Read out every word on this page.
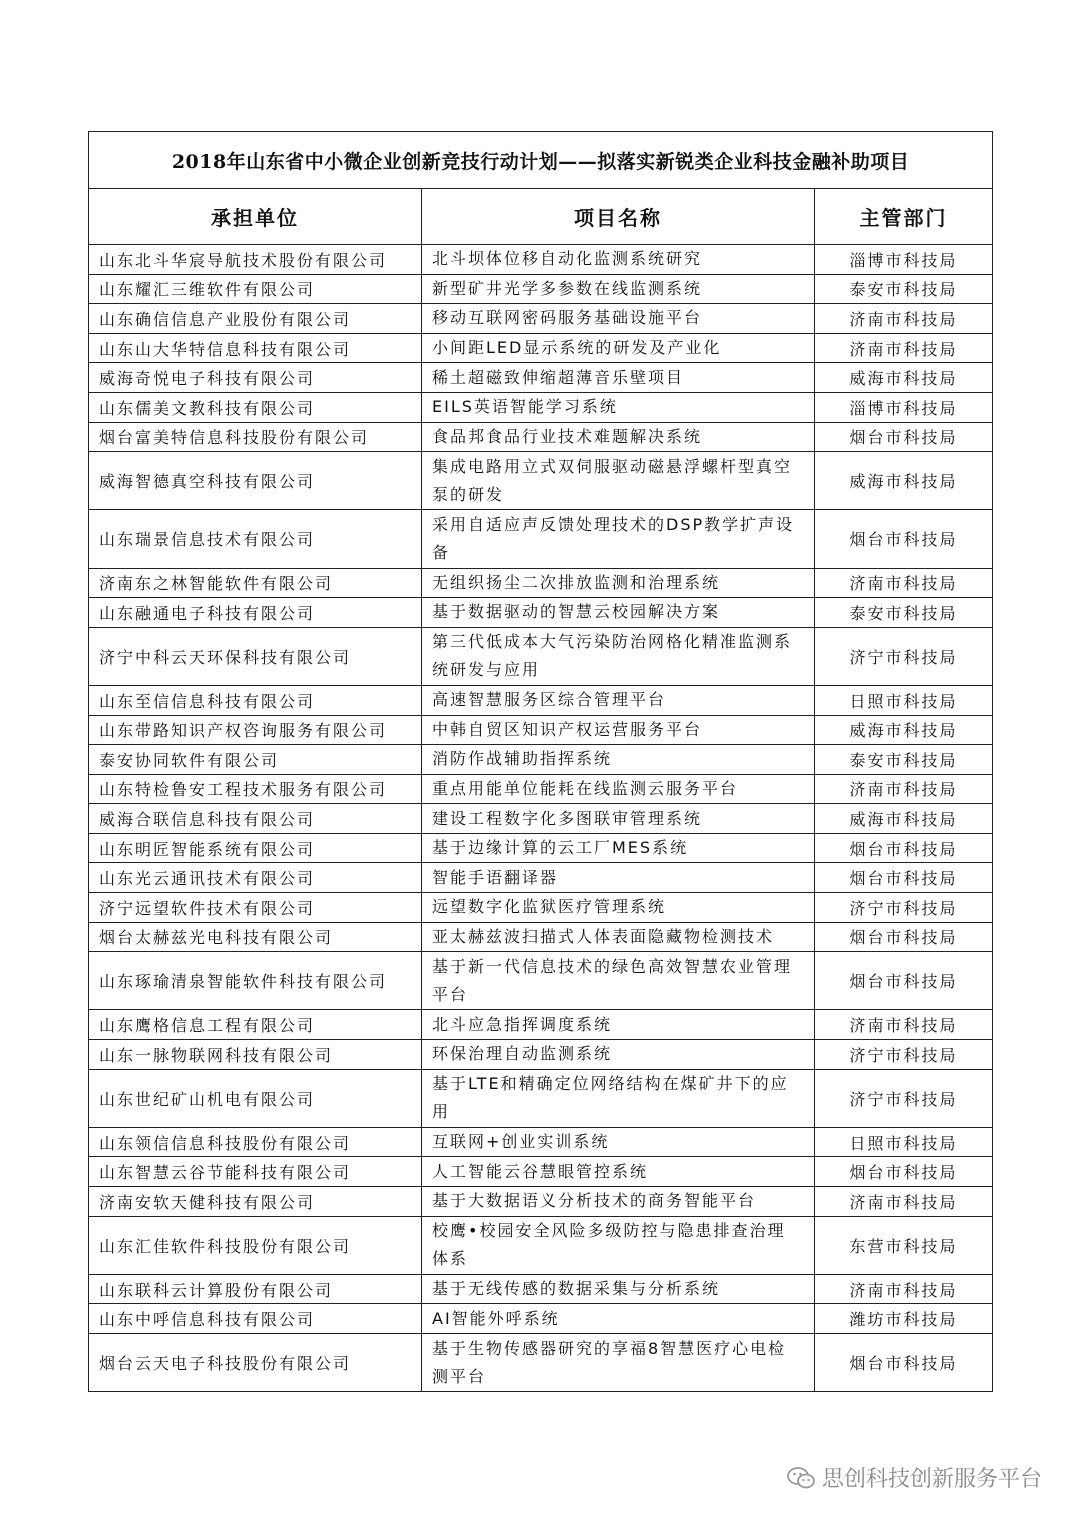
2018年山东省中小微企业创新竞技行动计划——拟落实新锐类企业科技金融补助项目		
承担单位	项目名称	主管部门
山东北斗华宸导航技术股份有限公司	北斗坝体位移自动化监测系统研究	淄博市科技局
山东耀汇三维软件有限公司	新型矿井光学多参数在线监测系统	泰安市科技局
山东确信信息产业股份有限公司	移动互联网密码服务基础设施平台	济南市科技局
山东山大华特信息科技有限公司	小间距LED显示系统的研发及产业化	济南市科技局
威海奇悦电子科技有限公司	稀土超磁致伸缩超薄音乐壁项目	威海市科技局
山东儒美文教科技有限公司	EILS英语智能学习系统	淄博市科技局
烟台富美特信息科技股份有限公司	食品邦食品行业技术难题解决系统	烟台市科技局
威海智德真空科技有限公司	集成电路用立式双伺服驱动磁悬浮螺杆型真空泵的研发	威海市科技局
山东瑞景信息技术有限公司	采用自适应声反馈处理技术的DSP教学扩声设备	烟台市科技局
济南东之林智能软件有限公司	无组织扬尘二次排放监测和治理系统	济南市科技局
山东融通电子科技有限公司	基于数据驱动的智慧云校园解决方案	泰安市科技局
济宁中科云天环保科技有限公司	第三代低成本大气污染防治网格化精准监测系统研发与应用	济宁市科技局
山东至信信息科技有限公司	高速智慧服务区综合管理平台	日照市科技局
山东带路知识产权咨询服务有限公司	中韩自贸区知识产权运营服务平台	威海市科技局
泰安协同软件有限公司	消防作战辅助指挥系统	泰安市科技局
山东特检鲁安工程技术服务有限公司	重点用能单位能耗在线监测云服务平台	济南市科技局
威海合联信息科技有限公司	建设工程数字化多图联审管理系统	威海市科技局
山东明匠智能系统有限公司	基于边缘计算的云工厂MES系统	烟台市科技局
山东光云通讯技术有限公司	智能手语翻译器	烟台市科技局
济宁远望软件技术有限公司	远望数字化监狱医疗管理系统	济宁市科技局
烟台太赫兹光电科技有限公司	亚太赫兹波扫描式人体表面隐藏物检测技术	烟台市科技局
山东琢瑜清泉智能软件科技有限公司	基于新一代信息技术的绿色高效智慧农业管理平台	烟台市科技局
山东鹰格信息工程有限公司	北斗应急指挥调度系统	济南市科技局
山东一脉物联网科技有限公司	环保治理自动监测系统	济宁市科技局
山东世纪矿山机电有限公司	基于LTE和精确定位网络结构在煤矿井下的应用	济宁市科技局
山东领信信息科技股份有限公司	互联网+创业实训系统	日照市科技局
山东智慧云谷节能科技有限公司	人工智能云谷慧眼管控系统	烟台市科技局
济南安软天健科技有限公司	基于大数据语义分析技术的商务智能平台	济南市科技局
山东汇佳软件科技股份有限公司	校鹰•校园安全风险多级防控与隐患排查治理体系	东营市科技局
山东联科云计算股份有限公司	基于无线传感的数据采集与分析系统	济南市科技局
山东中呼信息科技有限公司	AI智能外呼系统	潍坊市科技局
烟台云天电子科技股份有限公司	基于生物传感器研究的享福8智慧医疗心电检测平台	烟台市科技局
思创科技创新服务平台
